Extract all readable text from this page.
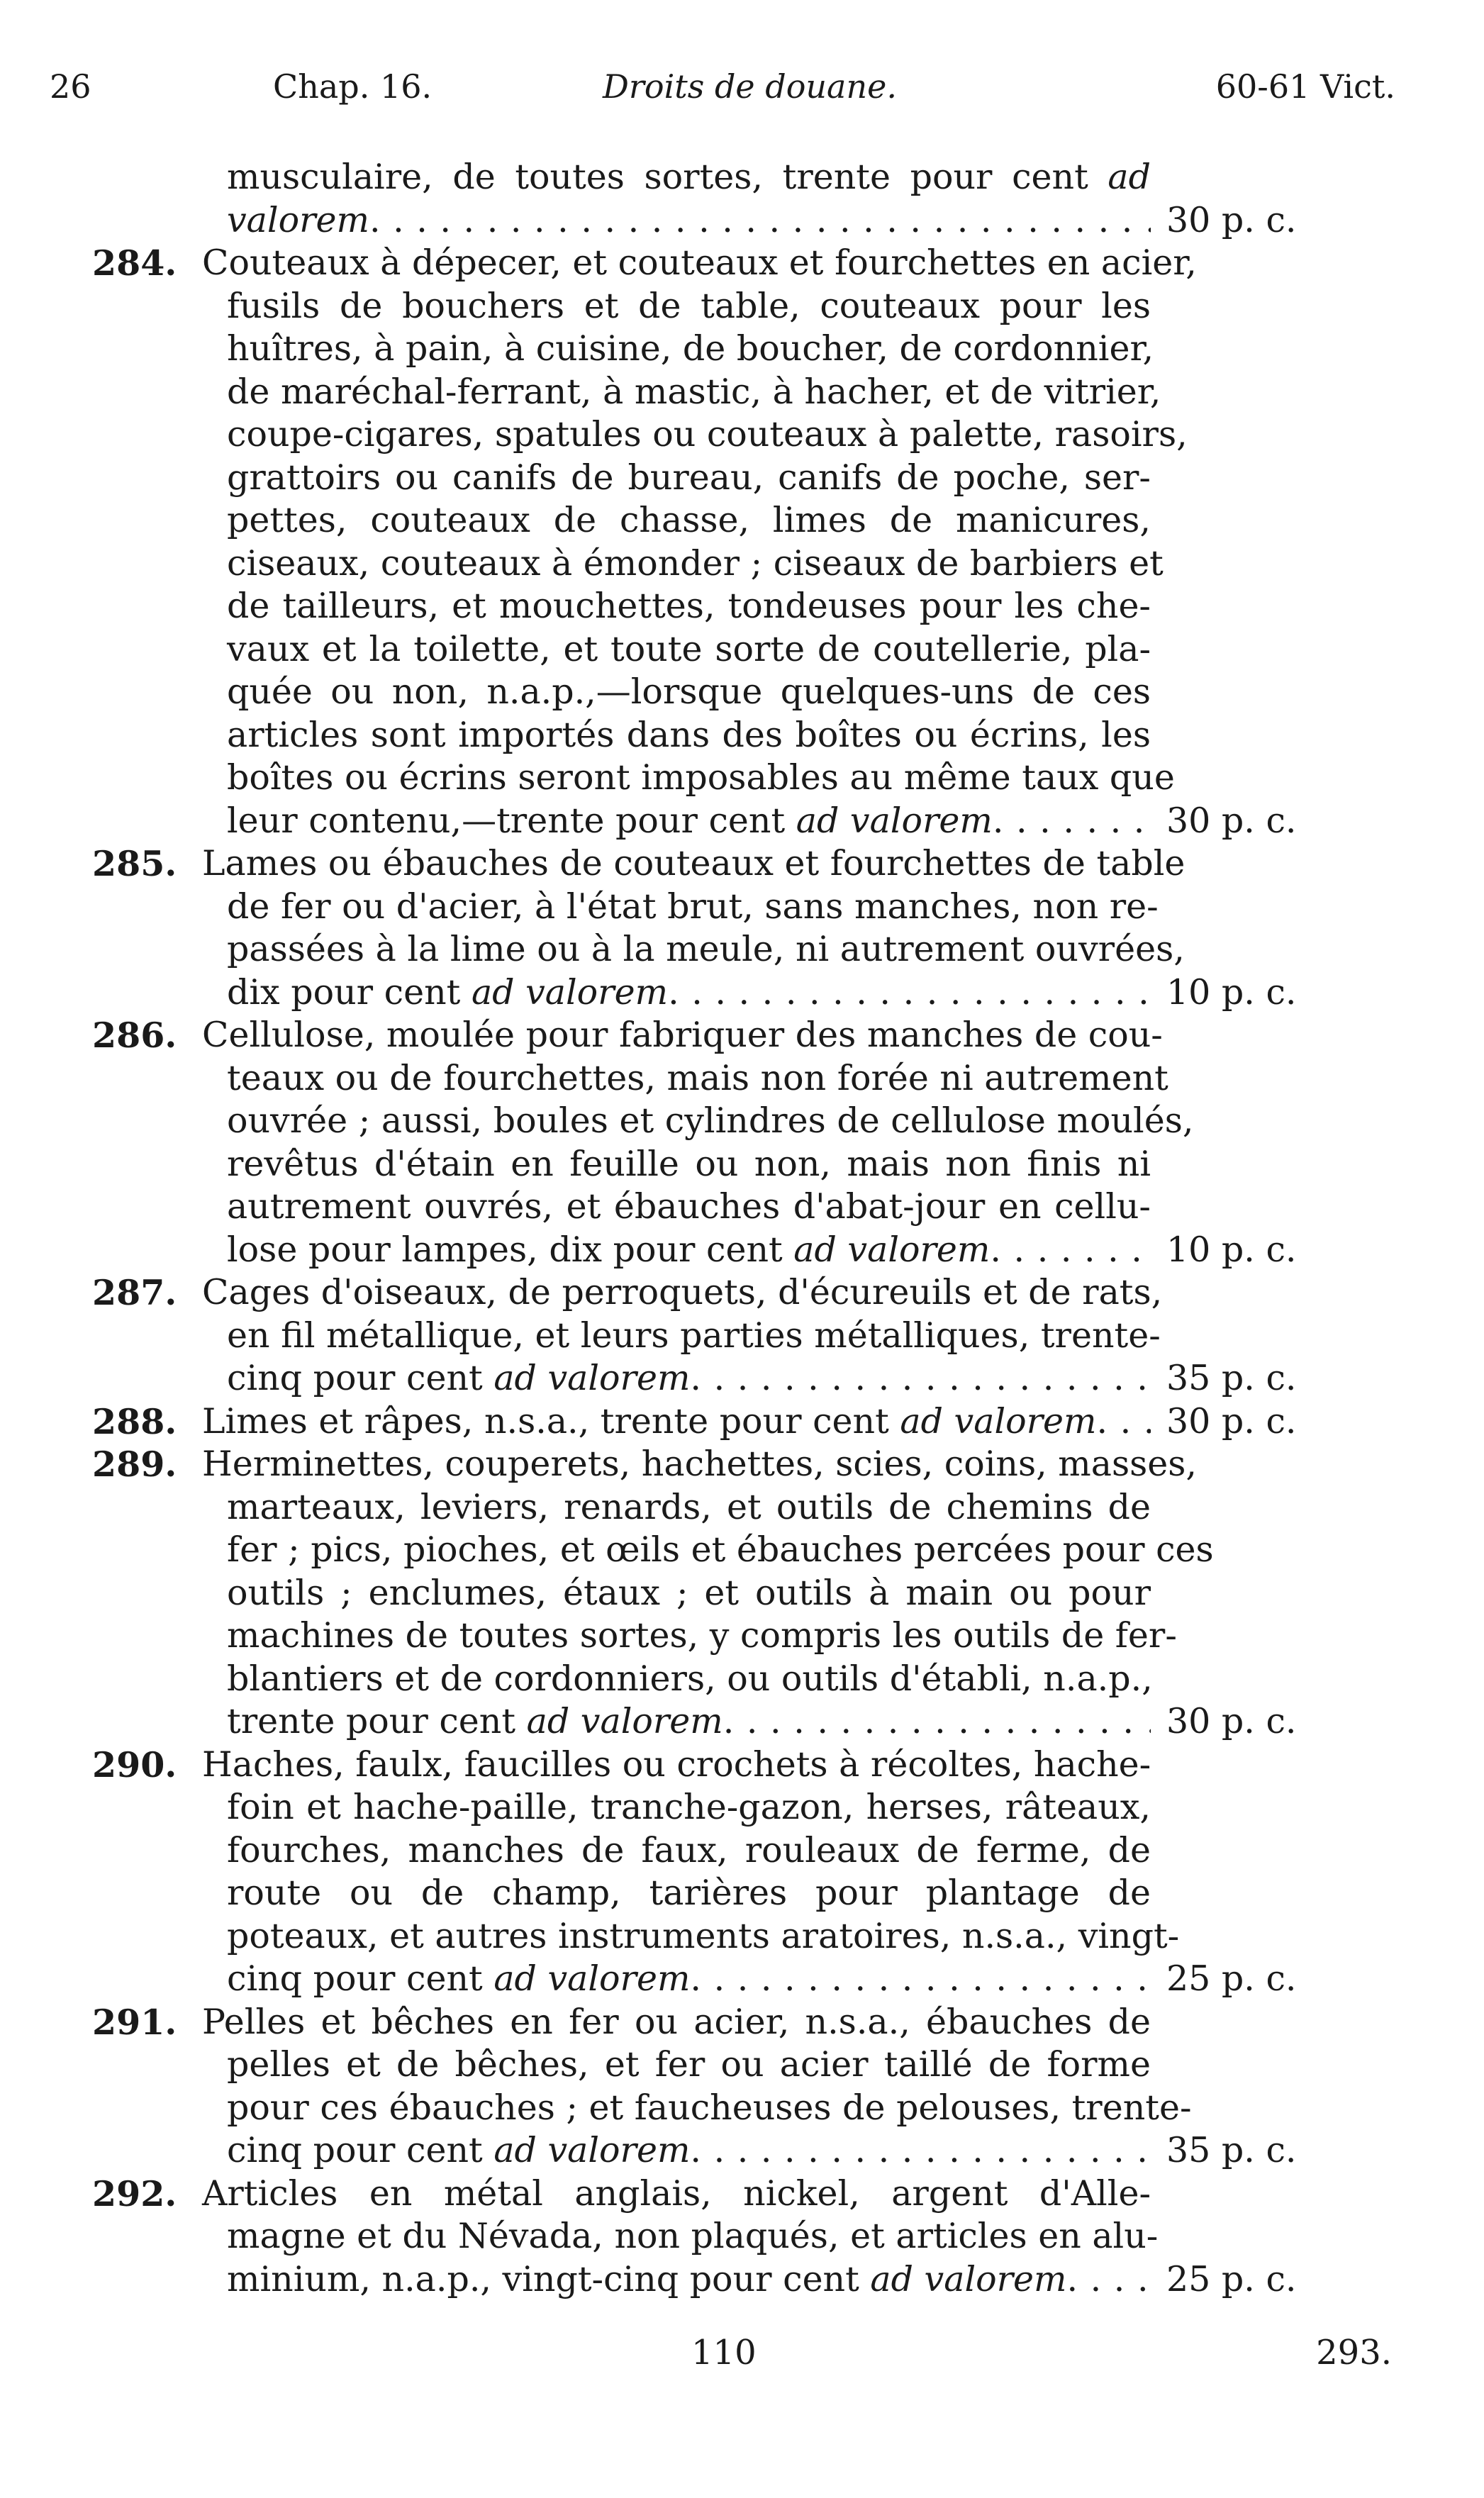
26	Chap. 16.	Droits de douane.	60-61 Vict.
musculaire, de toutes sortes, trente pour cent ad
valorem . . .	30 p. c.
284. Couteaux à dépecer, et couteaux et fourchettes en acier,
fusils de bouchers et de table, couteaux pour les
huîtres, à pain, à cuisine, de boucher, de cordonnier,
de maréchal-ferrant, à mastic, à hacher, et de vitrier,
coupe-cigares, spatules ou couteaux à palette, rasoirs,
grattoirs ou canifs de bureau, canifs de poche, ser-
pettes, couteaux de chasse, limes de manicures,
ciseaux, couteaux à émonder ; ciseaux de barbiers et
de tailleurs, et mouchettes, tondeuses pour les che-
vaux et la toilette, et toute sorte de coutellerie, pla-
quée ou non, n.a.p.,—lorsque quelques-uns de ces
articles sont importés dans des boîtes ou écrins, les
boîtes ou écrins seront imposables au même taux que
leur contenu,—trente pour cent ad valorem . . .	30 p. c.
285. Lames ou ébauches de couteaux et fourchettes de table
de fer ou d'acier, à l'état brut, sans manches, non re-
passées à la lime ou à la meule, ni autrement ouvrées,
dix pour cent ad valorem . . .	10 p. c.
286. Cellulose, moulée pour fabriquer des manches de cou-
teaux ou de fourchettes, mais non forée ni autrement
ouvrée ; aussi, boules et cylindres de cellulose moulés,
revêtus d'étain en feuille ou non, mais non finis ni
autrement ouvrés, et ébauches d'abat-jour en cellu-
lose pour lampes, dix pour cent ad valorem . . .	10 p. c.
287. Cages d'oiseaux, de perroquets, d'écureuils et de rats,
en fil métallique, et leurs parties métalliques, trente-
cinq pour cent ad valorem . . .	35 p. c.
288. Limes et râpes, n.s.a., trente pour cent ad valorem . . . 30 p. c.
289. Herminettes, couperets, hachettes, scies, coins, masses,
marteaux, leviers, renards, et outils de chemins de
fer ; pics, pioches, et œils et ébauches percées pour ces
outils ; enclumes, étaux ; et outils à main ou pour
machines de toutes sortes, y compris les outils de fer-
blantiers et de cordonniers, ou outils d'établi, n.a.p.,
trente pour cent ad valorem . . .	30 p. c.
290. Haches, faulx, faucilles ou crochets à récoltes, hache-
foin et hache-paille, tranche-gazon, herses, râteaux,
fourches, manches de faux, rouleaux de ferme, de
route ou de champ, tarières pour plantage de
poteaux, et autres instruments aratoires, n.s.a., vingt-
cinq pour cent ad valorem . . .	25 p. c.
291. Pelles et bêches en fer ou acier, n.s.a., ébauches de
pelles et de bêches, et fer ou acier taillé de forme
pour ces ébauches ; et faucheuses de pelouses, trente-
cinq pour cent ad valorem . . .	35 p. c.
292. Articles en métal anglais, nickel, argent d'Alle-
magne et du Névada, non plaqués, et articles en alu-
minium, n.a.p., vingt-cinq pour cent ad valorem . . .	25 p. c.
110	293.
